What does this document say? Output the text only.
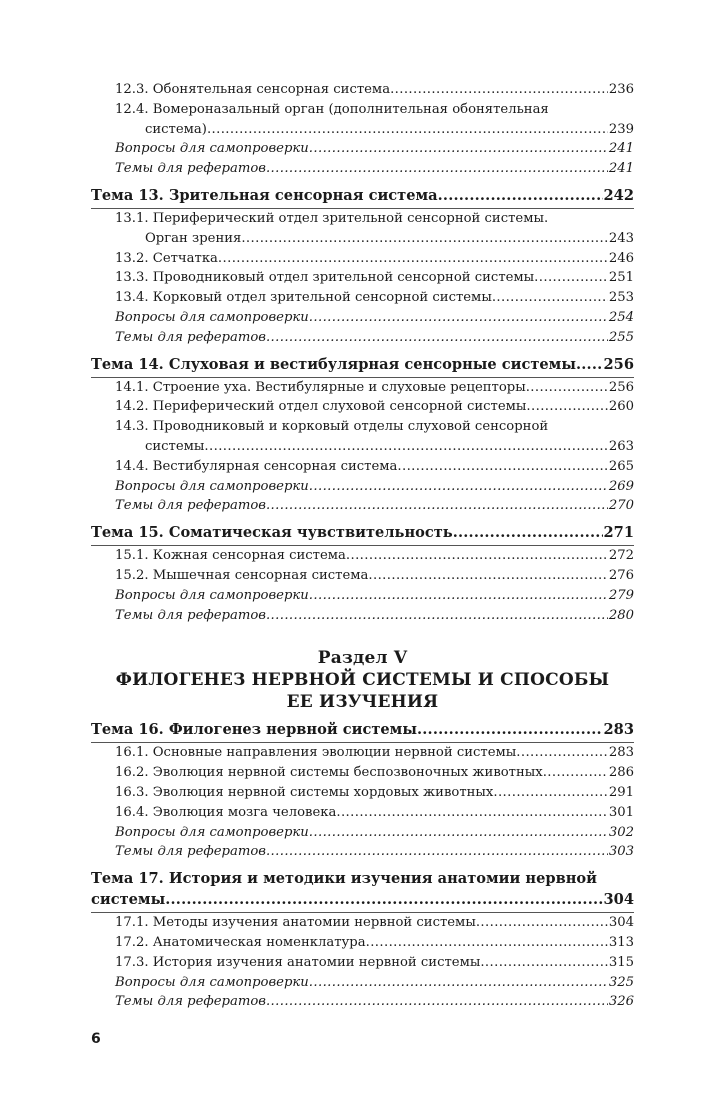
12.3. Обонятельная сенсорная система .....	236
12.4. Вомероназальный орган (дополнительная обонятельная
система) .....	239
Вопросы для самопроверки .....	241
Темы для рефератов .....	241
Тема 13. Зрительная сенсорная система .....	242
13.1. Периферический отдел зрительной сенсорной системы.
Орган зрения .....	243
13.2. Сетчатка .....	246
13.3. Проводниковый отдел зрительной сенсорной системы .....	251
13.4. Корковый отдел зрительной сенсорной системы .....	253
Вопросы для самопроверки .....	254
Темы для рефератов .....	255
Тема 14. Слуховая и вестибулярная сенсорные системы ..... 256
14.1. Строение уха. Вестибулярные и слуховые рецепторы .....	256
14.2. Периферический отдел слуховой сенсорной системы .....	260
14.3. Проводниковый и корковый отделы слуховой сенсорной
системы .....	263
14.4. Вестибулярная сенсорная система .....	265
Вопросы для самопроверки .....	269
Темы для рефератов .....	270
Тема 15. Соматическая чувствительность .....	271
15.1. Кожная сенсорная система .....	272
15.2. Мышечная сенсорная система .....	276
Вопросы для самопроверки .....	279
Темы для рефератов .....	280
Раздел V
ФИЛОГЕНЕЗ НЕРВНОЙ СИСТЕМЫ И СПОСОБЫ
ЕЕ ИЗУЧЕНИЯ
Тема 16. Филогенез нервной системы .....	283
16.1. Основные направления эволюции нервной системы .....	283
16.2. Эволюция нервной системы беспозвоночных животных .....	286
16.3. Эволюция нервной системы хордовых животных .....	291
16.4. Эволюция мозга человека .....	301
Вопросы для самопроверки .....	302
Темы для рефератов .....	303
Тема 17. История и методики изучения анатомии нервной
системы .....	304
17.1. Методы изучения анатомии нервной системы .....	304
17.2. Анатомическая номенклатура .....	313
17.3. История изучения анатомии нервной системы .....	315
Вопросы для самопроверки .....	325
Темы для рефератов .....	326
6
